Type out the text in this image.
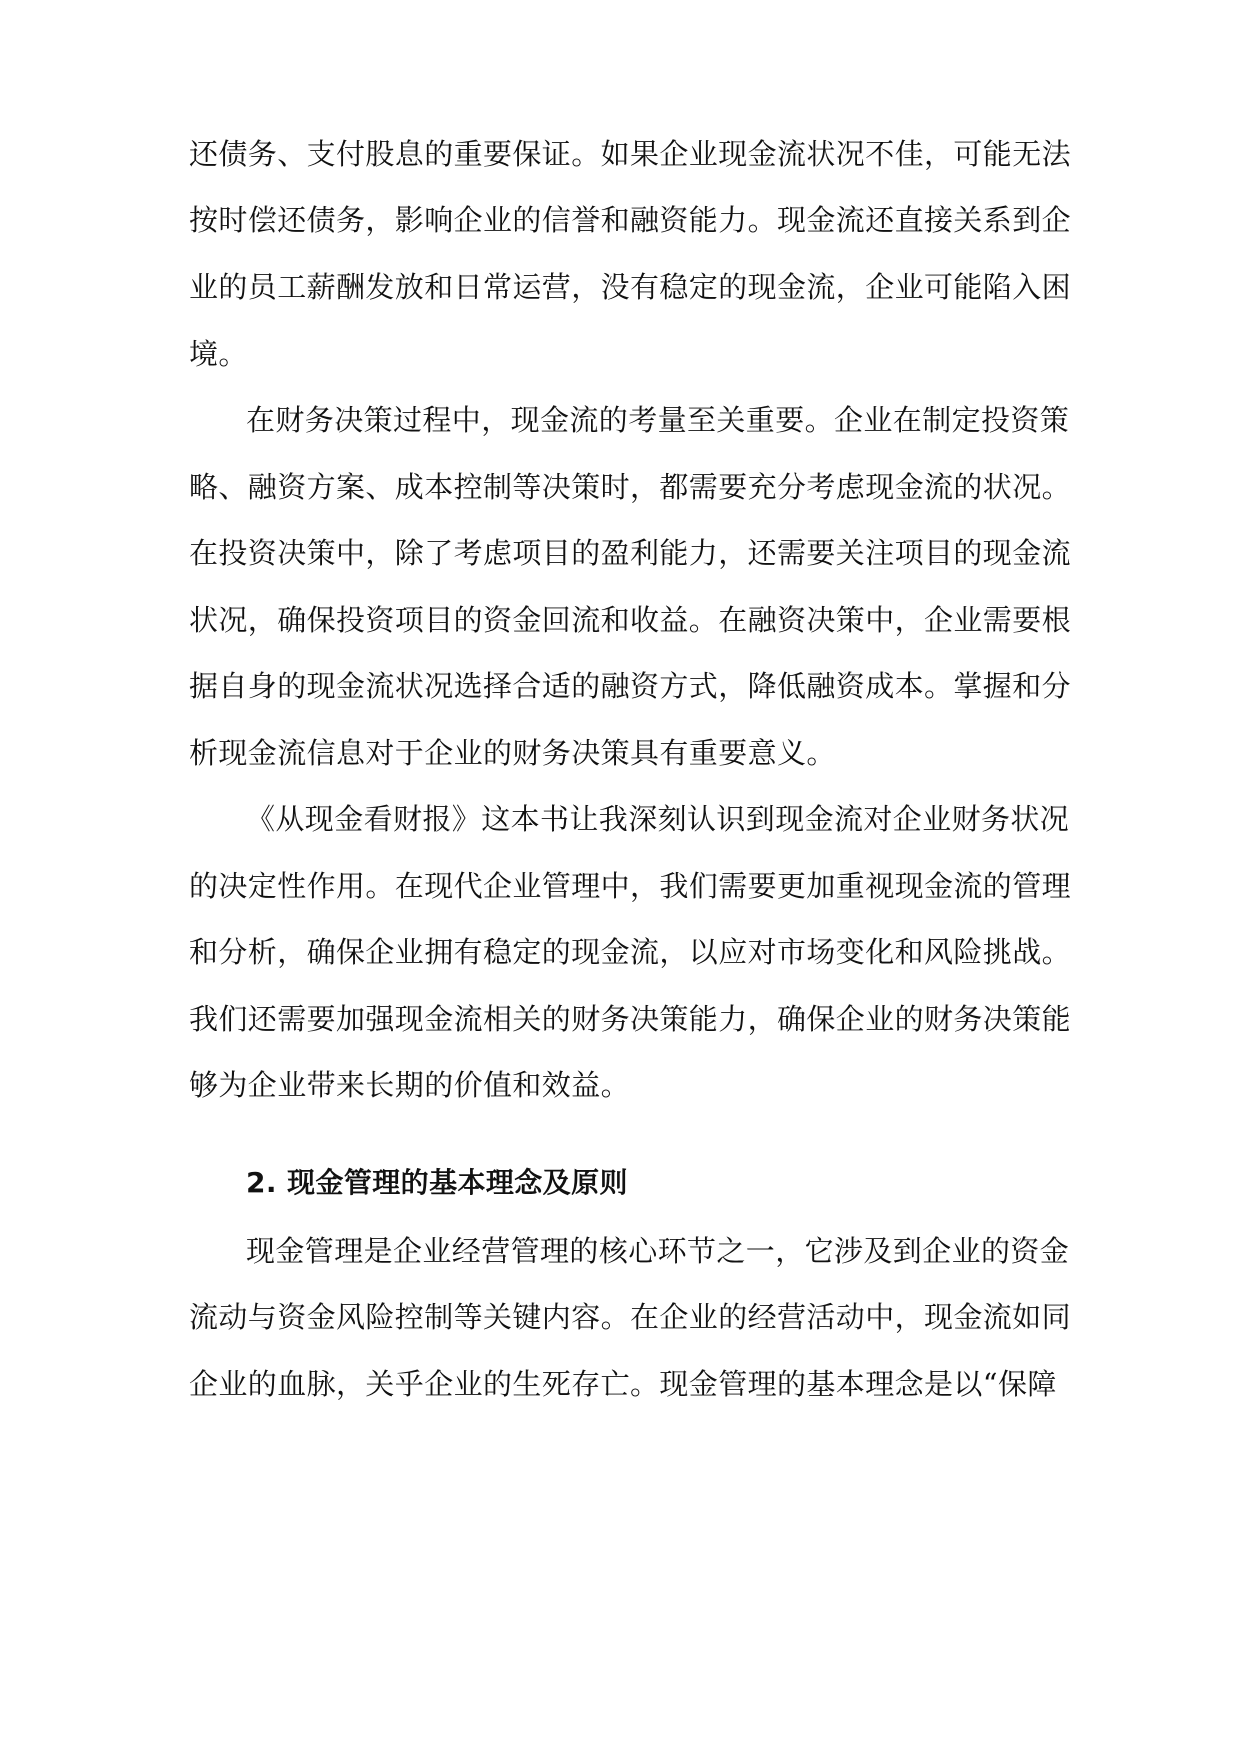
还债务、支付股息的重要保证。如果企业现金流状况不佳，可能无法
按时偿还债务，影响企业的信誉和融资能力。现金流还直接关系到企
业的员工薪酬发放和日常运营，没有稳定的现金流，企业可能陷入困
境。
在财务决策过程中，现金流的考量至关重要。企业在制定投资策
略、融资方案、成本控制等决策时，都需要充分考虑现金流的状况。
在投资决策中，除了考虑项目的盈利能力，还需要关注项目的现金流
状况，确保投资项目的资金回流和收益。在融资决策中，企业需要根
据自身的现金流状况选择合适的融资方式，降低融资成本。掌握和分
析现金流信息对于企业的财务决策具有重要意义。
《从现金看财报》这本书让我深刻认识到现金流对企业财务状况
的决定性作用。在现代企业管理中，我们需要更加重视现金流的管理
和分析，确保企业拥有稳定的现金流，以应对市场变化和风险挑战。
我们还需要加强现金流相关的财务决策能力，确保企业的财务决策能
够为企业带来长期的价值和效益。
2. 现金管理的基本理念及原则
现金管理是企业经营管理的核心环节之一，它涉及到企业的资金
流动与资金风险控制等关键内容。在企业的经营活动中，现金流如同
企业的血脉，关乎企业的生死存亡。现金管理的基本理念是以“保障
